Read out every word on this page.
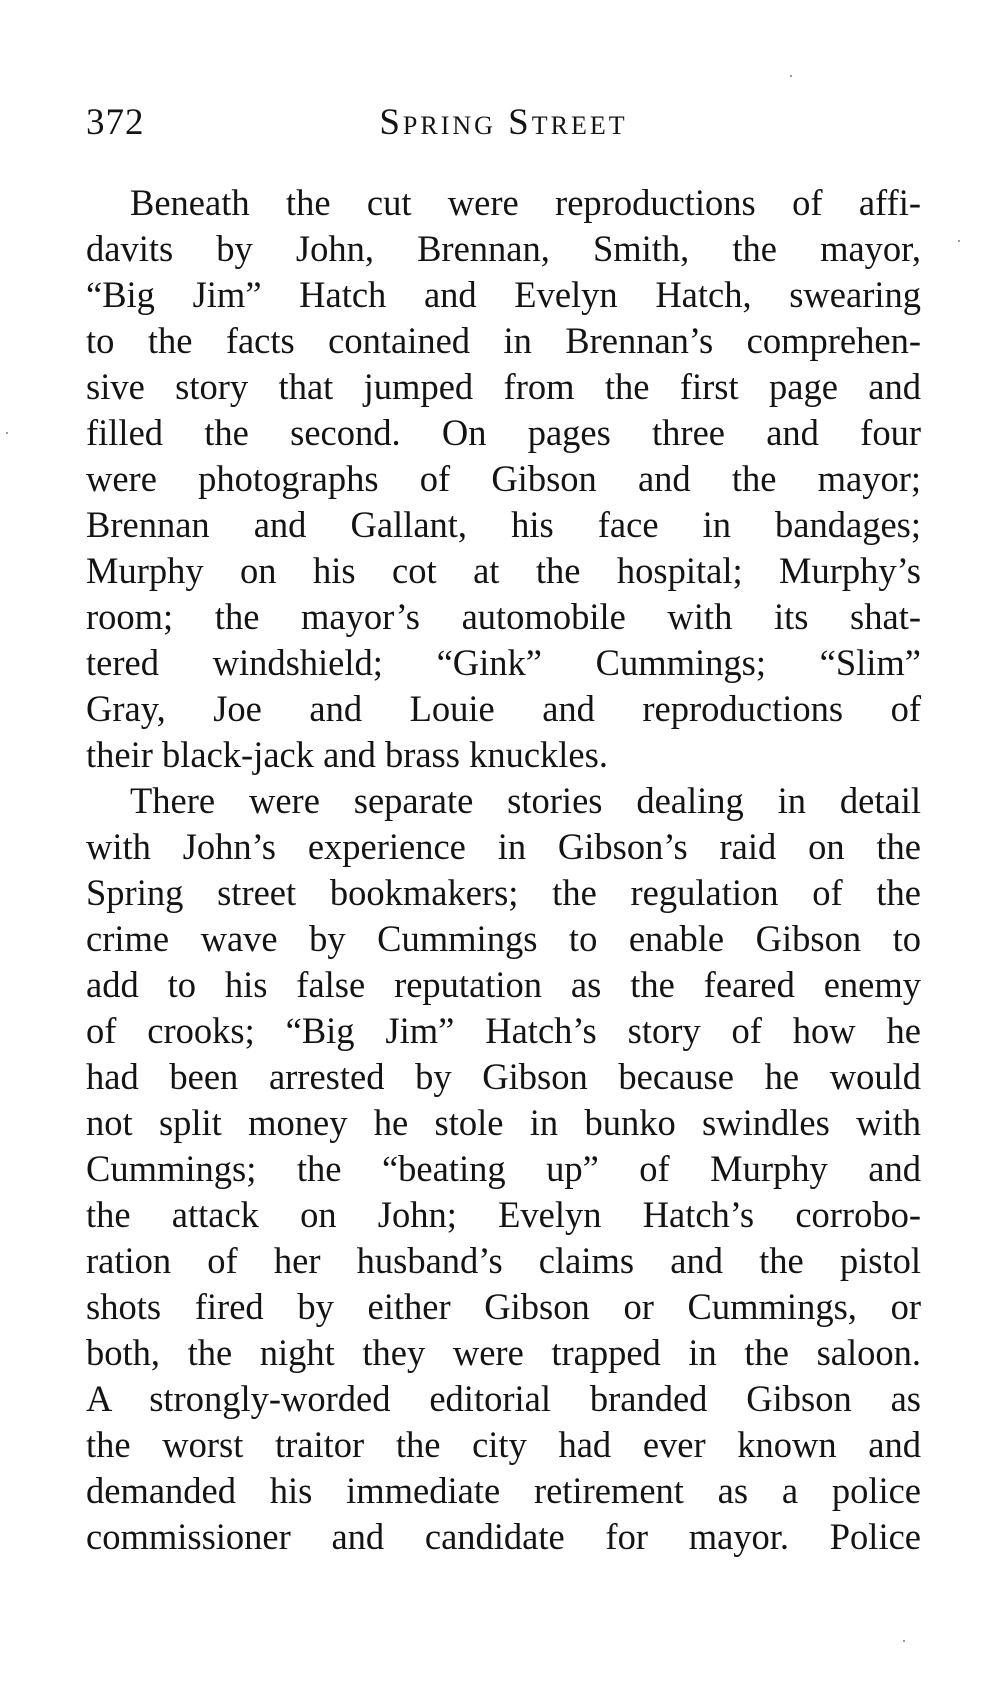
372	Spring Street
Beneath the cut were reproductions of affi-
davits by John, Brennan, Smith, the mayor,
“Big Jim” Hatch and Evelyn Hatch, swearing
to the facts contained in Brennan’s comprehen-
sive story that jumped from the first page and
filled the second. On pages three and four
were photographs of Gibson and the mayor;
Brennan and Gallant, his face in bandages;
Murphy on his cot at the hospital; Murphy’s
room; the mayor’s automobile with its shat-
tered windshield; “Gink” Cummings; “Slim”
Gray, Joe and Louie and reproductions of
their black-jack and brass knuckles.
There were separate stories dealing in detail
with John’s experience in Gibson’s raid on the
Spring street bookmakers; the regulation of the
crime wave by Cummings to enable Gibson to
add to his false reputation as the feared enemy
of crooks; “Big Jim” Hatch’s story of how he
had been arrested by Gibson because he would
not split money he stole in bunko swindles with
Cummings; the “beating up” of Murphy and
the attack on John; Evelyn Hatch’s corrobo-
ration of her husband’s claims and the pistol
shots fired by either Gibson or Cummings, or
both, the night they were trapped in the saloon.
A strongly-worded editorial branded Gibson as
the worst traitor the city had ever known and
demanded his immediate retirement as a police
commissioner and candidate for mayor. Police
